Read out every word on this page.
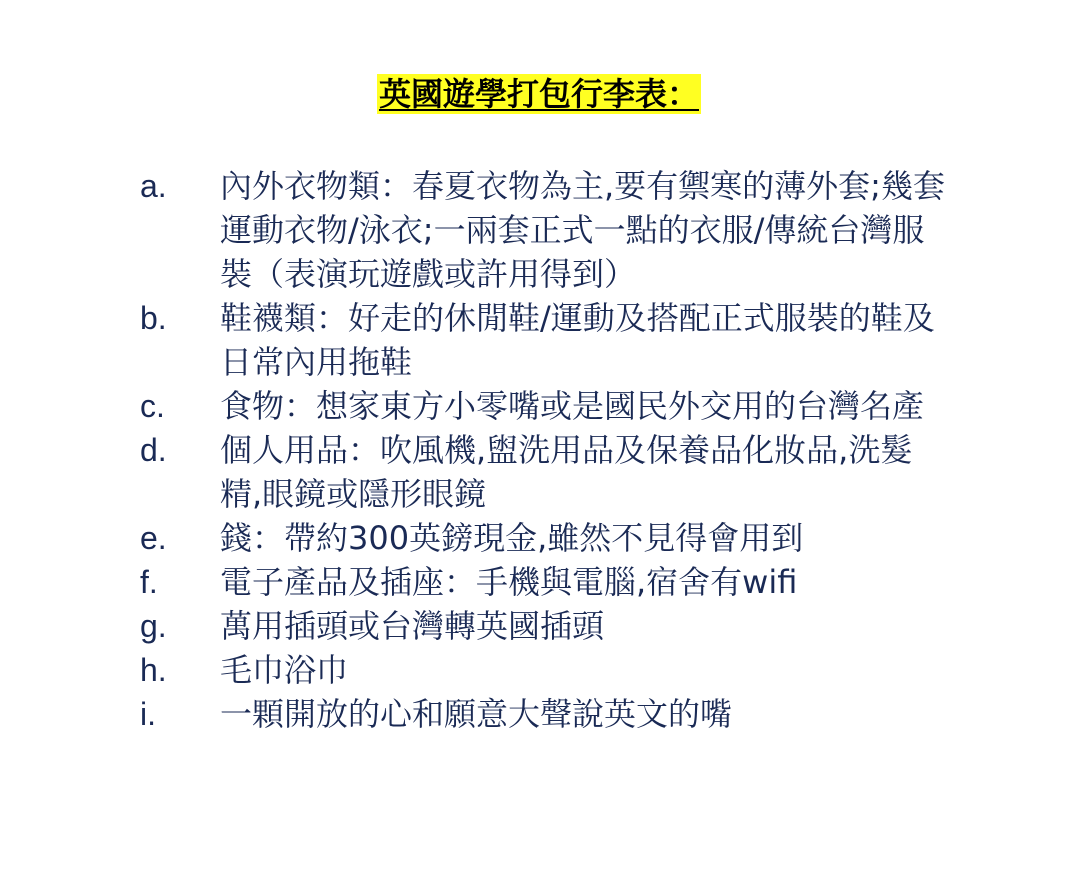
英國遊學打包行李表：
a.	內外衣物類：春夏衣物為主,要有禦寒的薄外套;幾套運動衣物/泳衣;一兩套正式一點的衣服/傳統台灣服裝（表演玩遊戲或許用得到）
b.	鞋襪類：好走的休閒鞋/運動及搭配正式服裝的鞋及日常內用拖鞋
c.	食物：想家東方小零嘴或是國民外交用的台灣名產
d.	個人用品：吹風機,盥洗用品及保養品化妝品,洗髮精,眼鏡或隱形眼鏡
e.	錢：帶約300英鎊現金,雖然不見得會用到
f.	電子產品及插座：手機與電腦,宿舍有wifi
g.	萬用插頭或台灣轉英國插頭
h.	毛巾浴巾
i.	一顆開放的心和願意大聲說英文的嘴
